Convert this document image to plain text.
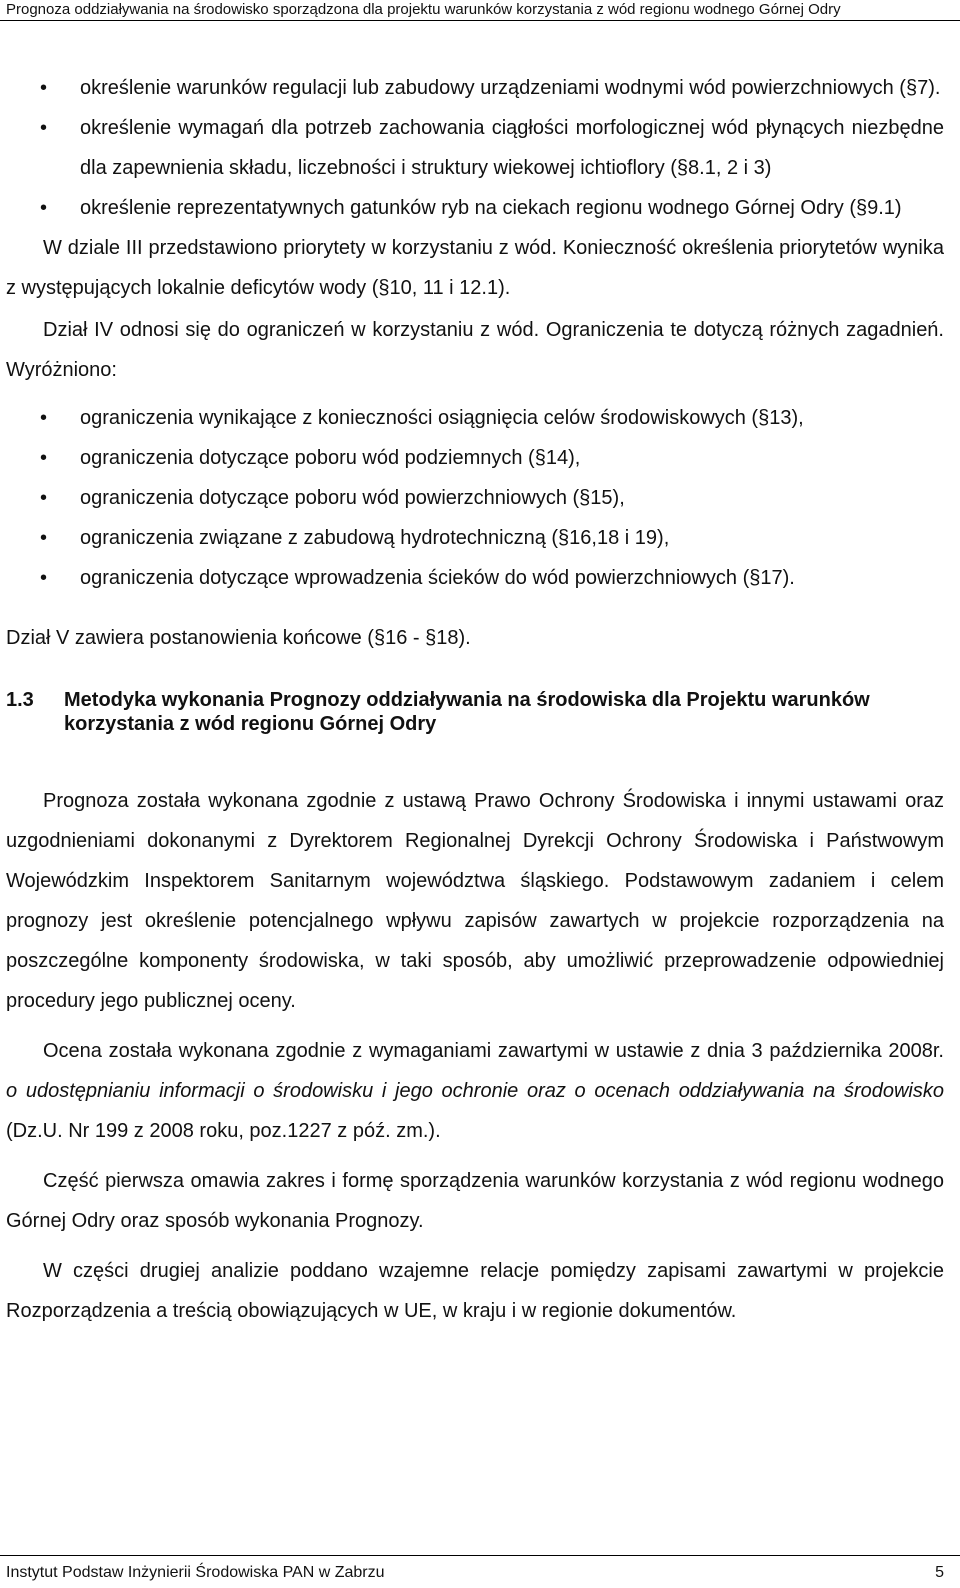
Prognoza oddziaływania na środowisko sporządzona dla projektu warunków korzystania z wód regionu wodnego Górnej Odry
• określenie warunków regulacji lub zabudowy urządzeniami wodnymi wód powierzchniowych (§7).
• określenie wymagań dla potrzeb zachowania ciągłości morfologicznej wód płynących niezbędne dla zapewnienia składu, liczebności i struktury wiekowej ichtioflory (§8.1, 2 i 3)
• określenie reprezentatywnych gatunków ryb na ciekach regionu wodnego Górnej Odry (§9.1)

W dziale III przedstawiono priorytety w korzystaniu z wód. Konieczność określenia priorytetów wynika z występujących lokalnie deficytów wody (§10, 11 i 12.1).

Dział IV odnosi się do ograniczeń w korzystaniu z wód. Ograniczenia te dotyczą różnych zagadnień. Wyróżniono:

• ograniczenia wynikające z konieczności osiągnięcia celów środowiskowych (§13),
• ograniczenia dotyczące poboru wód podziemnych (§14),
• ograniczenia dotyczące poboru wód powierzchniowych (§15),
• ograniczenia związane z zabudową hydrotechniczną (§16,18 i 19),
• ograniczenia dotyczące wprowadzenia ścieków do wód powierzchniowych (§17).

Dział V zawiera postanowienia końcowe (§16 - §18).

1.3	Metodyka wykonania Prognozy oddziaływania na środowiska dla Projektu warunków korzystania z wód regionu Górnej Odry

Prognoza została wykonana zgodnie z ustawą Prawo Ochrony Środowiska i innymi ustawami oraz uzgodnieniami dokonanymi z Dyrektorem Regionalnej Dyrekcji Ochrony Środowiska i Państwowym Wojewódzkim Inspektorem Sanitarnym województwa śląskiego. Podstawowym zadaniem i celem prognozy jest określenie potencjalnego wpływu zapisów zawartych w projekcie rozporządzenia na poszczególne komponenty środowiska, w taki sposób, aby umożliwić przeprowadzenie odpowiedniej procedury jego publicznej oceny.

Ocena została wykonana zgodnie z wymaganiami zawartymi w ustawie z dnia 3 października 2008r. o udostępnianiu informacji o środowisku i jego ochronie oraz o ocenach oddziaływania na środowisko (Dz.U. Nr 199 z 2008 roku, poz.1227 z póź. zm.).

Część pierwsza omawia zakres i formę sporządzenia warunków korzystania z wód regionu wodnego Górnej Odry oraz sposób wykonania Prognozy.

W części drugiej analizie poddano wzajemne relacje pomiędzy zapisami zawartymi w projekcie Rozporządzenia a treścią obowiązujących w UE, w kraju i w regionie dokumentów.

Instytut Podstaw Inżynierii Środowiska PAN w Zabrzu	5
